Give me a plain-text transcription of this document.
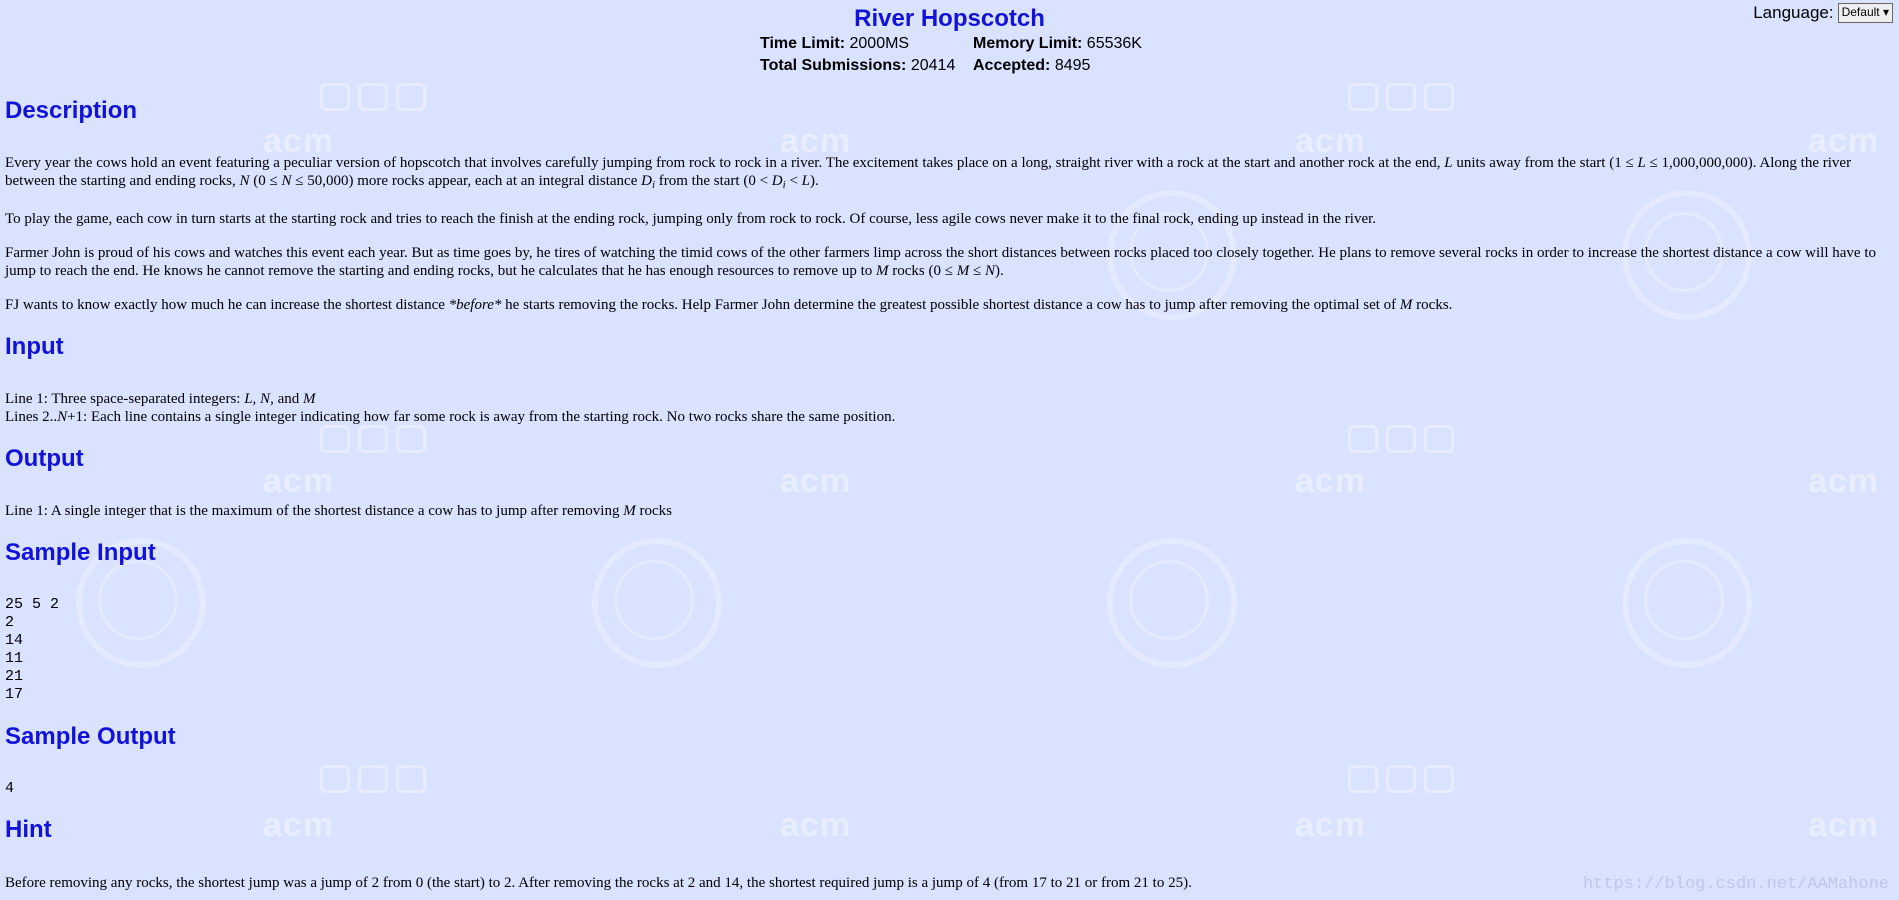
acm	acm	acm	acm
acm	acm	acm	acm
acm	acm	acm	acm
Language: Default ▾
River Hopscotch
Time Limit: 2000MS	Memory Limit: 65536K
Total Submissions: 20414	Accepted: 8495
Description

Every year the cows hold an event featuring a peculiar version of hopscotch that involves carefully jumping from rock to rock in a river. The excitement takes place on a long, straight river with a rock at the start and another rock at the end, L units away from the start (1 ≤ L ≤ 1,000,000,000). Along the river between the starting and ending rocks, N (0 ≤ N ≤ 50,000) more rocks appear, each at an integral distance $D_i$ from the start $(0 < D_i < L)$.

To play the game, each cow in turn starts at the starting rock and tries to reach the finish at the ending rock, jumping only from rock to rock. Of course, less agile cows never make it to the final rock, ending up instead in the river.

Farmer John is proud of his cows and watches this event each year. But as time goes by, he tires of watching the timid cows of the other farmers limp across the short distances between rocks placed too closely together. He plans to remove several rocks in order to increase the shortest distance a cow will have to jump to reach the end. He knows he cannot remove the starting and ending rocks, but he calculates that he has enough resources to remove up to M rocks (0 ≤ M ≤ N).

FJ wants to know exactly how much he can increase the shortest distance *before* he starts removing the rocks. Help Farmer John determine the greatest possible shortest distance a cow has to jump after removing the optimal set of M rocks.

Input

Line 1: Three space-separated integers: L, N, and M

Lines 2..N+1: Each line contains a single integer indicating how far some rock is away from the starting rock. No two rocks share the same position.

Output

Line 1: A single integer that is the maximum of the shortest distance a cow has to jump after removing M rocks

Sample Input
25 5 2
2
14
11
21
17
Sample Output
4
Hint

Before removing any rocks, the shortest jump was a jump of 2 from 0 (the start) to 2. After removing the rocks at 2 and 14, the shortest required jump is a jump of 4 (from 17 to 21 or from 21 to 25).	https://blog.csdn.net/AAMahone
